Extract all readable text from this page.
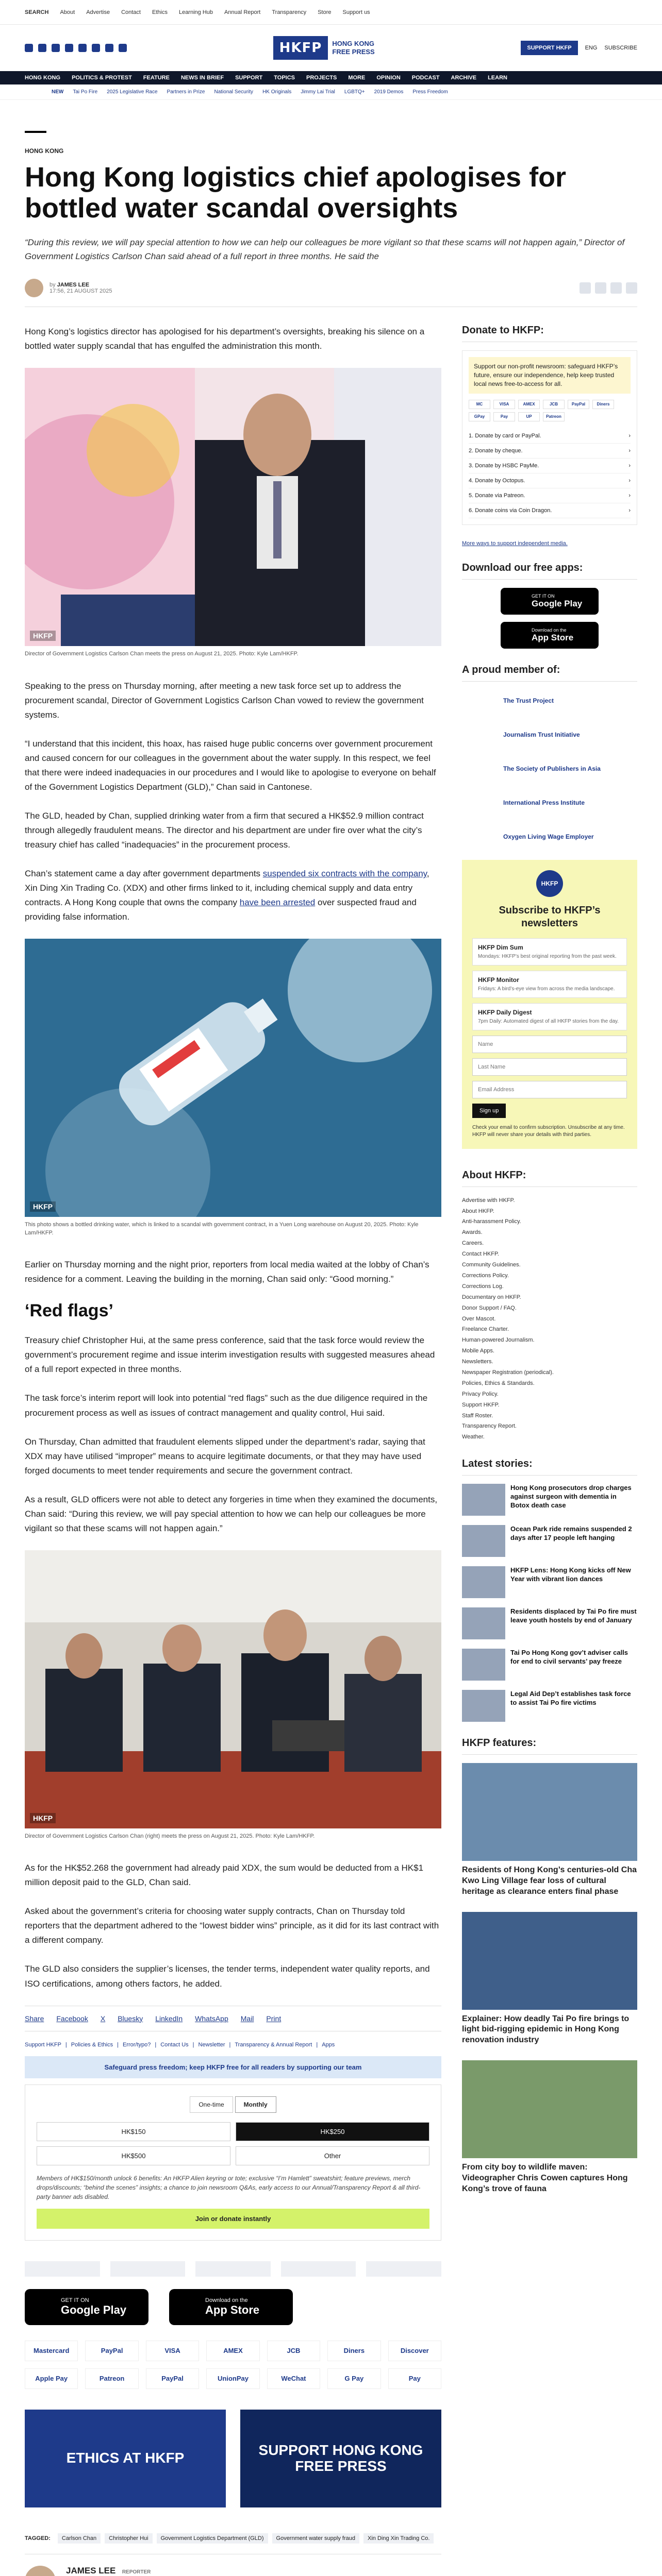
SEARCH About Advertise Contact Ethics Learning Hub Annual Report Transparency Store Support us
HKFP	HONG KONG
FREE PRESS	SUPPORT HKFP	ENG SUBSCRIBE
HONG KONG POLITICS & PROTEST FEATURE NEWS IN BRIEF SUPPORT TOPICS PROJECTS MORE OPINION PODCAST ARCHIVE LEARN
NEW Tai Po Fire 2025 Legislative Race Partners in Prize National Security HK Originals Jimmy Lai Trial LGBTQ+ 2019 Demos Press Freedom
HONG KONG
Hong Kong logistics chief apologises for bottled water scandal oversights
“During this review, we will pay special attention to how we can help our colleagues be more vigilant so that these scams will not happen again,” Director of Government Logistics Carlson Chan said ahead of a full report in three months. He said the
by JAMES LEE
17:56, 21 AUGUST 2025

Hong Kong’s logistics director has apologised for his department’s oversights, breaking his silence on a bottled water supply scandal that has engulfed the administration this month.

HKFP
Director of Government Logistics Carlson Chan meets the press on August 21, 2025. Photo: Kyle Lam/HKFP.

Speaking to the press on Thursday morning, after meeting a new task force set up to address the procurement scandal, Director of Government Logistics Carlson Chan vowed to review the government systems.

“I understand that this incident, this hoax, has raised huge public concerns over government procurement and caused concern for our colleagues in the government about the water supply. In this respect, we feel that there were indeed inadequacies in our procedures and I would like to apologise to everyone on behalf of the Government Logistics Department (GLD),” Chan said in Cantonese.

The GLD, headed by Chan, supplied drinking water from a firm that secured a HK$52.9 million contract through allegedly fraudulent means. The director and his department are under fire over what the city’s treasury chief has called “inadequacies” in the procurement process.

Chan’s statement came a day after government departments suspended six contracts with the company, Xin Ding Xin Trading Co. (XDX) and other firms linked to it, including chemical supply and data entry contracts. A Hong Kong couple that owns the company have been arrested over suspected fraud and providing false information.

HKFP
This photo shows a bottled drinking water, which is linked to a scandal with government contract, in a Yuen Long warehouse on August 20, 2025. Photo: Kyle Lam/HKFP.

Earlier on Thursday morning and the night prior, reporters from local media waited at the lobby of Chan’s residence for a comment. Leaving the building in the morning, Chan said only: “Good morning.”

‘Red flags’

Treasury chief Christopher Hui, at the same press conference, said that the task force would review the government’s procurement regime and issue interim investigation results with suggested measures ahead of a full report expected in three months.

The task force’s interim report will look into potential “red flags” such as the due diligence required in the procurement process as well as issues of contract management and quality control, Hui said.

On Thursday, Chan admitted that fraudulent elements slipped under the department’s radar, saying that XDX may have utilised “improper” means to acquire legitimate documents, or that they may have used forged documents to meet tender requirements and secure the government contract.

As a result, GLD officers were not able to detect any forgeries in time when they examined the documents, Chan said: “During this review, we will pay special attention to how we can help our colleagues be more vigilant so that these scams will not happen again.”

HKFP
Director of Government Logistics Carlson Chan (right) meets the press on August 21, 2025. Photo: Kyle Lam/HKFP.

As for the HK$52.268 the government had already paid XDX, the sum would be deducted from a HK$1 million deposit paid to the GLD, Chan said.

Asked about the government’s criteria for choosing water supply contracts, Chan on Thursday told reporters that the department adhered to the “lowest bidder wins” principle, as it did for its last contract with a different company.

The GLD also considers the supplier’s licenses, the tender terms, independent water quality reports, and ISO certifications, among others factors, he added.

Share Facebook X Bluesky LinkedIn WhatsApp Mail Print
Support HKFP | Policies & Ethics | Error/typo? | Contact Us | Newsletter | Transparency & Annual Report | Apps
Safeguard press freedom; keep HKFP free for all readers by supporting our team
One-time	Monthly
HK$150	HK$250
HK$500	Other
Members of HK$150/month unlock 6 benefits: An HKFP Alien keyring or tote; exclusive “I’m Hamlett” sweatshirt; feature previews, merch drops/discounts; “behind the scenes” insights; a chance to join newsroom Q&As, early access to our Annual/Transparency Report & all third-party banner ads disabled.
Join or donate instantly
GET IT ON
Google Play
Download on the
App Store
Mastercard	PayPal	VISA	AMEX	JCB	Diners	Discover
Apple Pay	Patreon	PayPal	UnionPay	WeChat	G Pay	Pay
ETHICS AT HKFP	SUPPORT HONG KONG FREE PRESS
TAGGED:	Carlson Chan	Christopher Hui	Government Logistics Department (GLD)	Government water supply fraud	Xin Ding Xin Trading Co.
JAMES LEE REPORTER
Donate to HKFP:
Support our non-profit newsroom: safeguard HKFP’s future, ensure our independence, help keep trusted local news free-to-access for all.
MC	VISA	AMEX	JCB	PayPal	Diners
GPay	Pay	UP	Patreon
1. Donate by card or PayPal.	›
2. Donate by cheque.	›
3. Donate by HSBC PayMe.	›
4. Donate by Octopus.	›
5. Donate via Patreon.	›
6. Donate coins via Coin Dragon.	›
More ways to support independent media.
Download our free apps:
GET IT ON
Google Play
Download on the
App Store
A proud member of:
The Trust Project
Journalism Trust Initiative
The Society of Publishers in Asia
International Press Institute
Oxygen Living Wage Employer
HKFP
Subscribe to HKFP’s newsletters
HKFP Dim Sum
Mondays: HKFP’s best original reporting from the past week.
HKFP Monitor
Fridays: A bird’s-eye view from across the media landscape.
HKFP Daily Digest
7pm Daily: Automated digest of all HKFP stories from the day.
Name
Last Name
Email Address
Sign up
Check your email to confirm subscription. Unsubscribe at any time. HKFP will never share your details with third parties.
About HKFP:
Advertise with HKFP.
About HKFP.
Anti-harassment Policy.
Awards.
Careers.
Contact HKFP.
Community Guidelines.
Corrections Policy.
Corrections Log.
Documentary on HKFP.
Donor Support / FAQ.
Over Mascot.
Freelance Charter.
Human-powered Journalism.
Mobile Apps.
Newsletters.
Newspaper Registration (periodical).
Policies, Ethics & Standards.
Privacy Policy.
Support HKFP.
Staff Roster.
Transparency Report.
Weather.
Latest stories:
Hong Kong prosecutors drop charges against surgeon with dementia in Botox death case
Ocean Park ride remains suspended 2 days after 17 people left hanging
HKFP Lens: Hong Kong kicks off New Year with vibrant lion dances
Residents displaced by Tai Po fire must leave youth hostels by end of January
Tai Po Hong Kong gov’t adviser calls for end to civil servants’ pay freeze
Legal Aid Dep’t establishes task force to assist Tai Po fire victims
HKFP features:
Residents of Hong Kong’s centuries-old Cha Kwo Ling Village fear loss of cultural heritage as clearance enters final phase
Explainer: How deadly Tai Po fire brings to light bid-rigging epidemic in Hong Kong renovation industry
From city boy to wildlife maven: Videographer Chris Cowen captures Hong Kong’s trove of fauna
